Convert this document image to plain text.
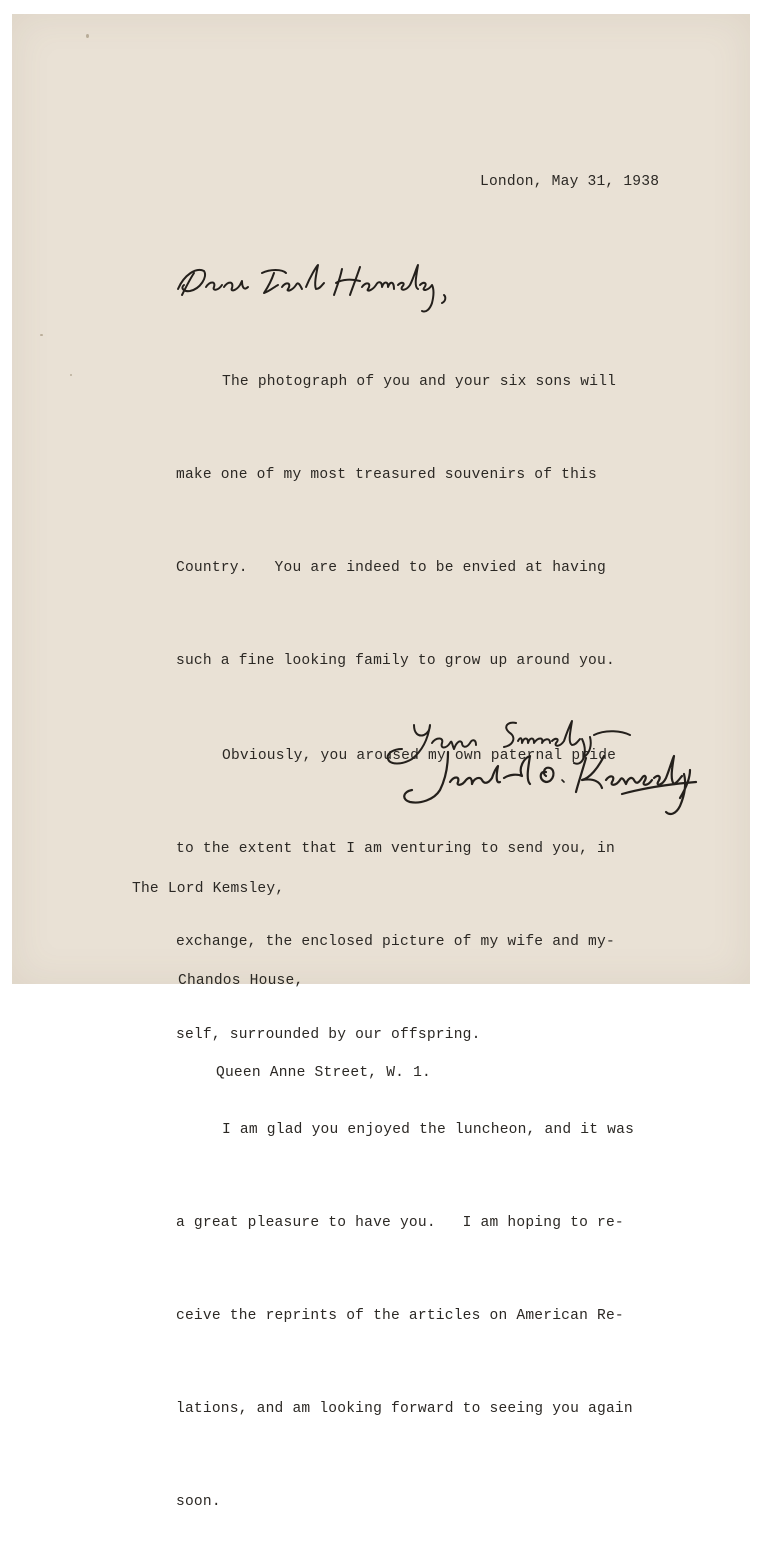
London, May 31, 1938

The photograph of you and your six sons will

make one of my most treasured souvenirs of this

Country.   You are indeed to be envied at having

such a fine looking family to grow up around you.

Obviously, you aroused my own paternal pride

to the extent that I am venturing to send you, in

exchange, the enclosed picture of my wife and my-

self, surrounded by our offspring.

I am glad you enjoyed the luncheon, and it was

a great pleasure to have you.   I am hoping to re-

ceive the reprints of the articles on American Re-

lations, and am looking forward to seeing you again

soon.

The Lord Kemsley,

Chandos House,

Queen Anne Street, W. 1.
